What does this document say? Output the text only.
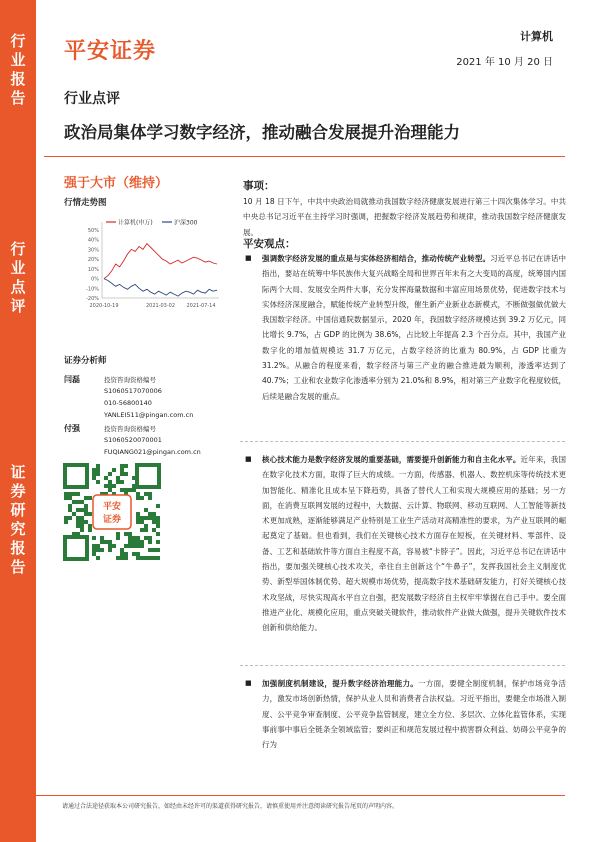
行业报告
行业点评
证券研究报告
平安证券
计算机
2021 年 10 月 20 日
行业点评
政治局集体学习数字经济，推动融合发展提升治理能力
强于大市（维持）
行情走势图
50%
40%
30%
20%
10%
0%
-10%
-20%
2020-10-19	2021-03-02 2021-07-14
计算机(申万)	沪深300
证券分析师
闫磊	投资咨询资格编号
S1060517070006
010-56800140
YANLEI511@pingan.com.cn
付强	投资咨询资格编号
S1060520070001
FUQIANG021@pingan.com.cn
平安
证券
事项：
10 月 18 日下午，中共中央政治局就推动我国数字经济健康发展进行第三十四次集体学习。中共中央总书记习近平在主持学习时强调，把握数字经济发展趋势和规律，推动我国数字经济健康发展。
平安观点：
■ 强调数字经济发展的重点是与实体经济相结合，推动传统产业转型。习近平总书记在讲话中指出，要站在统筹中华民族伟大复兴战略全局和世界百年未有之大变局的高度，统筹国内国际两个大局、发展安全两件大事，充分发挥海量数据和丰富应用场景优势，促进数字技术与实体经济深度融合，赋能传统产业转型升级，催生新产业新业态新模式，不断做强做优做大我国数字经济。中国信通院数据显示，2020 年，我国数字经济规模达到 39.2 万亿元，同比增长 9.7%，占 GDP 的比例为 38.6%，占比较上年提高 2.3 个百分点。其中，我国产业数字化的增加值规模达 31.7 万亿元，占数字经济的比重为 80.9%，占 GDP 比重为 31.2%。从融合的程度来看，数字经济与第三产业的融合推进最为顺利，渗透率达到了 40.7%；工业和农业数字化渗透率分别为 21.0%和 8.9%，相对第三产业数字化程度较低，后续是融合发展的重点。
■ 核心技术能力是数字经济发展的重要基础，需要提升创新能力和自主化水平。近年来，我国在数字化技术方面，取得了巨大的成绩。一方面，传感器、机器人、数控机床等传统技术更加智能化、精准化且成本呈下降趋势，具备了替代人工和实现大规模应用的基础；另一方面，在消费互联网发展的过程中，大数据、云计算、物联网、移动互联网、人工智能等新技术更加成熟，逐渐能够满足产业特别是工业生产活动对高精准性的要求，为产业互联网的崛起奠定了基础。但也看到，我们在关键核心技术方面存在短板，在关键材料、零部件、设备、工艺和基础软件等方面自主程度不高，容易被“卡脖子”。因此，习近平总书记在讲话中指出，要加强关键核心技术攻关，牵住自主创新这个“牛鼻子”，发挥我国社会主义制度优势、新型举国体制优势、超大规模市场优势，提高数字技术基础研发能力，打好关键核心技术攻坚战，尽快实现高水平自立自强，把发展数字经济自主权牢牢掌握在自己手中。要全面推进产业化、规模化应用，重点突破关键软件，推动软件产业做大做强，提升关键软件技术创新和供给能力。
■ 加强制度机制建设，提升数字经济治理能力。一方面，要健全制度机制，保护市场竞争活力，激发市场创新热情，保护从业人员和消费者合法权益。习近平指出，要健全市场准入制度、公平竞争审查制度、公平竞争监管制度，建立全方位、多层次、立体化监管体系，实现事前事中事后全链条全领域监管；要纠正和规范发展过程中损害群众利益、妨碍公平竞争的行为
请通过合法途径获取本公司研究报告，如经由未经许可的渠道获得研究报告，请慎重使用并注意阅读研究报告尾页的声明内容。
